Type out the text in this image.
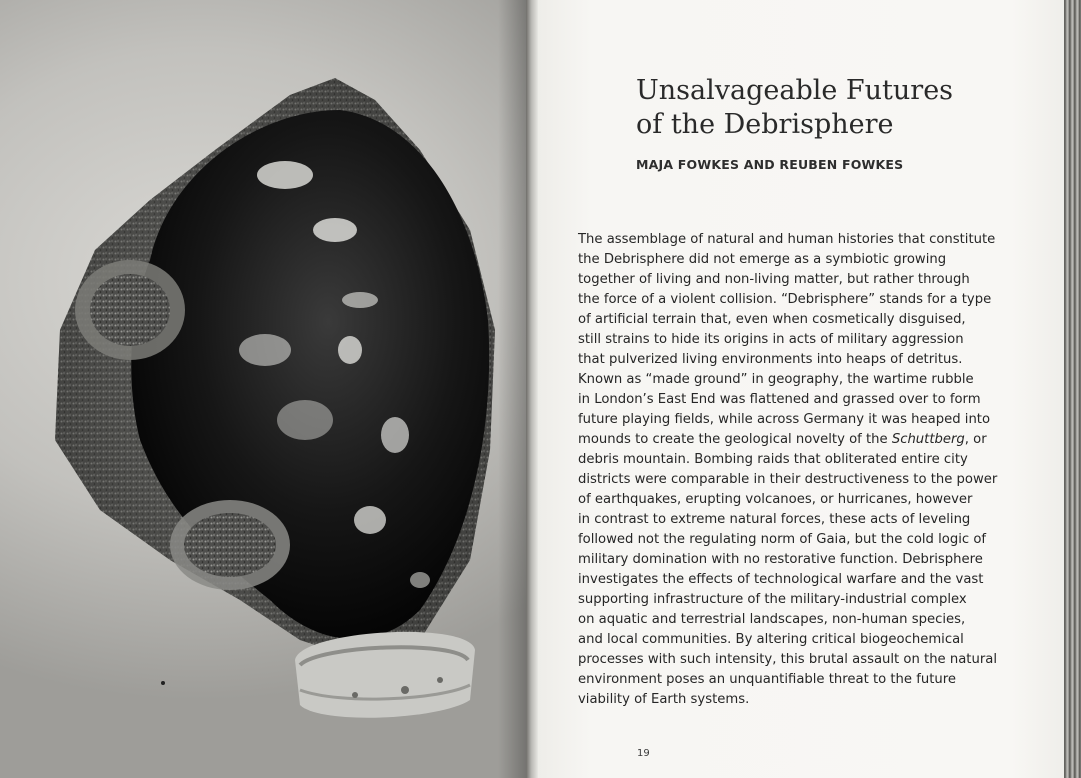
Unsalvageable Futures
of the Debrisphere

MAJA FOWKES AND REUBEN FOWKES

The assemblage of natural and human histories that constitute
the Debrisphere did not emerge as a symbiotic growing
together of living and non-living matter, but rather through
the force of a violent collision. “Debrisphere” stands for a type
of artificial terrain that, even when cosmetically disguised,
still strains to hide its origins in acts of military aggression
that pulverized living environments into heaps of detritus.
Known as “made ground” in geography, the wartime rubble
in London’s East End was flattened and grassed over to form
future playing fields, while across Germany it was heaped into
mounds to create the geological novelty of the Schuttberg, or
debris mountain. Bombing raids that obliterated entire city
districts were comparable in their destructiveness to the power
of earthquakes, erupting volcanoes, or hurricanes, however
in contrast to extreme natural forces, these acts of leveling
followed not the regulating norm of Gaia, but the cold logic of
military domination with no restorative function. Debrisphere
investigates the effects of technological warfare and the vast
supporting infrastructure of the military-industrial complex
on aquatic and terrestrial landscapes, non-human species,
and local communities. By altering critical biogeochemical
processes with such intensity, this brutal assault on the natural
environment poses an unquantifiable threat to the future
viability of Earth systems.

19
